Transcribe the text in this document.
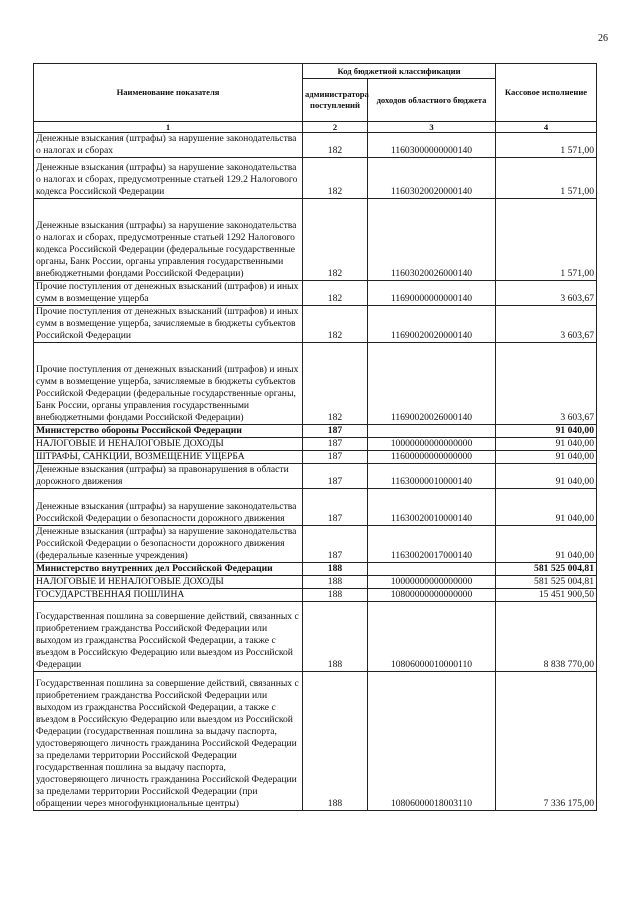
26
Наименование показателя	Код бюджетной классификации		Кассовое исполнение
	администратора поступлений	доходов областного бюджета	
1	2	3	4
Денежные взыскания (штрафы) за нарушение законодательства о налогах и сборах	182	11603000000000140	1 571,00
Денежные взыскания (штрафы) за нарушение законодательства о налогах и сборах, предусмотренные статьей 129.2 Налогового кодекса Российской Федерации	182	11603020020000140	1 571,00
Денежные взыскания (штрафы) за нарушение законодательства о налогах и сборах, предусмотренные статьей 1292 Налогового кодекса Российской Федерации (федеральные государственные органы, Банк России, органы управления государственными внебюджетными фондами Российской Федерации)	182	11603020026000140	1 571,00
Прочие поступления от денежных взысканий (штрафов) и иных сумм в возмещение ущерба	182	11690000000000140	3 603,67
Прочие поступления от денежных взысканий (штрафов) и иных сумм в возмещение ущерба, зачисляемые в бюджеты субъектов Российской Федерации	182	11690020020000140	3 603,67
Прочие поступления от денежных взысканий (штрафов) и иных сумм в возмещение ущерба, зачисляемые в бюджеты субъектов Российской Федерации (федеральные государственные органы, Банк России, органы управления государственными внебюджетными фондами Российской Федерации)	182	11690020026000140	3 603,67
Министерство обороны Российской Федерации	187		91 040,00
НАЛОГОВЫЕ И НЕНАЛОГОВЫЕ ДОХОДЫ	187	10000000000000000	91 040,00
ШТРАФЫ, САНКЦИИ, ВОЗМЕЩЕНИЕ УЩЕРБА	187	11600000000000000	91 040,00
Денежные взыскания (штрафы) за правонарушения в области дорожного движения	187	11630000010000140	91 040,00
Денежные взыскания (штрафы) за нарушение законодательства Российской Федерации о безопасности дорожного движения	187	11630020010000140	91 040,00
Денежные взыскания (штрафы) за нарушение законодательства Российской Федерации о безопасности дорожного движения (федеральные казенные учреждения)	187	11630020017000140	91 040,00
Министерство внутренних дел Российской Федерации	188		581 525 004,81
НАЛОГОВЫЕ И НЕНАЛОГОВЫЕ ДОХОДЫ	188	10000000000000000	581 525 004,81
ГОСУДАРСТВЕННАЯ ПОШЛИНА	188	10800000000000000	15 451 900,50
Государственная пошлина за совершение действий, связанных с приобретением гражданства Российской Федерации или выходом из гражданства Российской Федерации, а также с въездом в Российскую Федерацию или выездом из Российской Федерации	188	10806000010000110	8 838 770,00
Государственная пошлина за совершение действий, связанных с приобретением гражданства Российской Федерации или выходом из гражданства Российской Федерации, а также с въездом в Российскую Федерацию или выездом из Российской Федерации (государственная пошлина за выдачу паспорта, удостоверяющего личность гражданина Российской Федерации за пределами территории Российской Федерации государственная пошлина за выдачу паспорта, удостоверяющего личность гражданина Российской Федерации за пределами территории Российской Федерации (при обращении через многофункциональные центры)	188	10806000018003110	7 336 175,00
